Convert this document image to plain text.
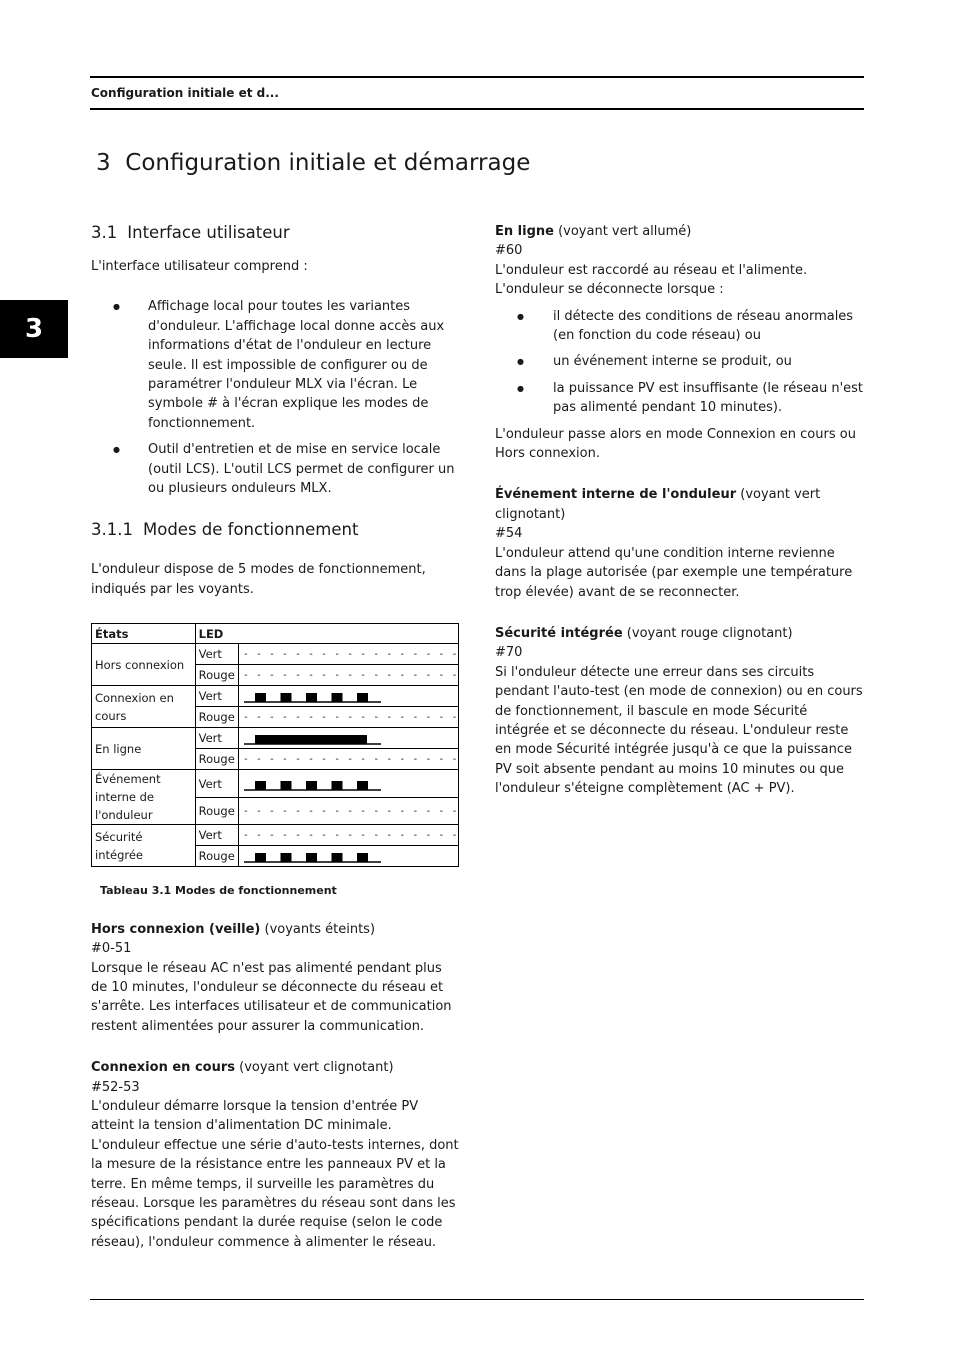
Configuration initiale et d...
3
3  Configuration initiale et démarrage
3.1 Interface utilisateur

L'interface utilisateur comprend :

● Affichage local pour toutes les variantes d'onduleur. L'affichage local donne accès aux informations d'état de l'onduleur en lecture seule. Il est impossible de configurer ou de paramétrer l'onduleur MLX via l'écran. Le symbole # à l'écran explique les modes de fonctionnement.
● Outil d'entretien et de mise en service locale (outil LCS). L'outil LCS permet de configurer un ou plusieurs onduleurs MLX.
3.1.1 Modes de fonctionnement

L'onduleur dispose de 5 modes de fonctionnement, indiqués par les voyants.

États	LED	
Hors connexion	Vert	- - - - - - - - - - - - - - - - -
	Rouge	- - - - - - - - - - - - - - - - -
Connexion en cours	Vert	

	Rouge	- - - - - - - - - - - - - - - - -
En ligne	Vert	

	Rouge	- - - - - - - - - - - - - - - - -
Événement interne de l'onduleur	Vert	

	Rouge	- - - - - - - - - - - - - - - - -
Sécurité intégrée	Vert	- - - - - - - - - - - - - - - - -
	Rouge	

Tableau 3.1 Modes de fonctionnement

Hors connexion (veille) (voyants éteints)

#0-51

Lorsque le réseau AC n'est pas alimenté pendant plus de 10 minutes, l'onduleur se déconnecte du réseau et s'arrête. Les interfaces utilisateur et de communication restent alimentées pour assurer la communication.

Connexion en cours (voyant vert clignotant)

#52-53

L'onduleur démarre lorsque la tension d'entrée PV atteint la tension d'alimentation DC minimale. L'onduleur effectue une série d'auto-tests internes, dont la mesure de la résistance entre les panneaux PV et la terre. En même temps, il surveille les paramètres du réseau. Lorsque les paramètres du réseau sont dans les spécifications pendant la durée requise (selon le code réseau), l'onduleur commence à alimenter le réseau.

En ligne (voyant vert allumé)

#60

L'onduleur est raccordé au réseau et l'alimente. L'onduleur se déconnecte lorsque :

● il détecte des conditions de réseau anormales (en fonction du code réseau) ou
● un événement interne se produit, ou
● la puissance PV est insuffisante (le réseau n'est pas alimenté pendant 10 minutes).

L'onduleur passe alors en mode Connexion en cours ou Hors connexion.

Événement interne de l'onduleur (voyant vert clignotant)

#54

L'onduleur attend qu'une condition interne revienne dans la plage autorisée (par exemple une température trop élevée) avant de se reconnecter.

Sécurité intégrée (voyant rouge clignotant)

#70

Si l'onduleur détecte une erreur dans ses circuits pendant l'auto-test (en mode de connexion) ou en cours de fonctionnement, il bascule en mode Sécurité intégrée et se déconnecte du réseau. L'onduleur reste en mode Sécurité intégrée jusqu'à ce que la puissance PV soit absente pendant au moins 10 minutes ou que l'onduleur s'éteigne complètement (AC + PV).
